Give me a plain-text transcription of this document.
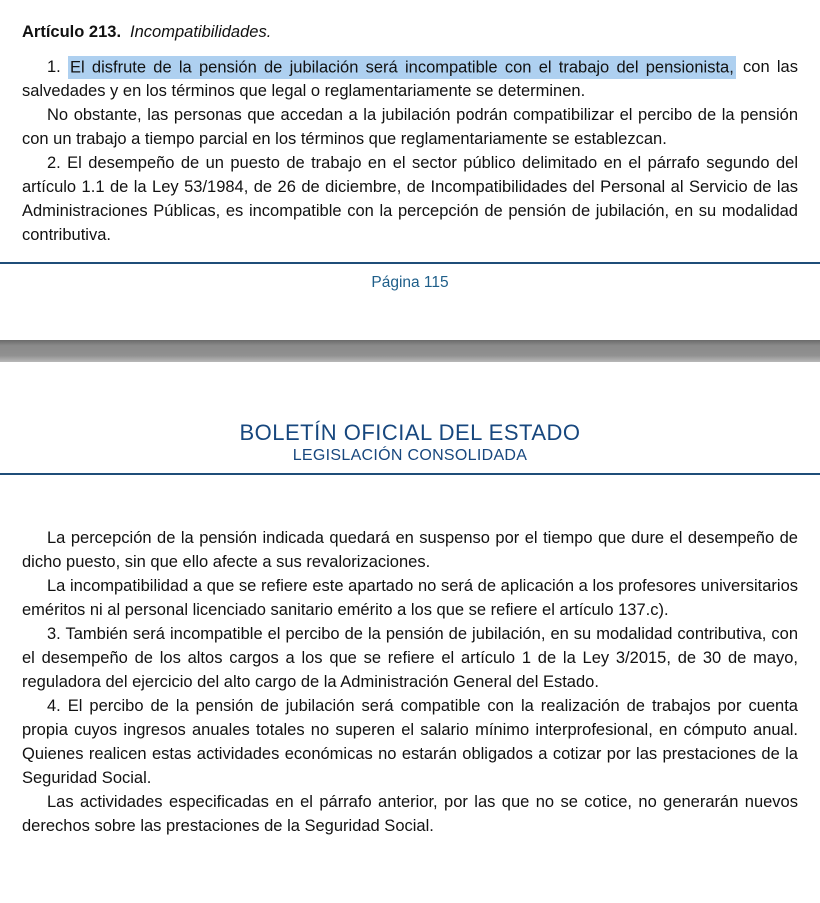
Artículo 213. Incompatibilidades.

1. El disfrute de la pensión de jubilación será incompatible con el trabajo del pensionista, con las salvedades y en los términos que legal o reglamentariamente se determinen.

No obstante, las personas que accedan a la jubilación podrán compatibilizar el percibo de la pensión con un trabajo a tiempo parcial en los términos que reglamentariamente se establezcan.

2. El desempeño de un puesto de trabajo en el sector público delimitado en el párrafo segundo del artículo 1.1 de la Ley 53/1984, de 26 de diciembre, de Incompatibilidades del Personal al Servicio de las Administraciones Públicas, es incompatible con la percepción de pensión de jubilación, en su modalidad contributiva.

Página 115
BOLETÍN OFICIAL DEL ESTADO
LEGISLACIÓN CONSOLIDADA

La percepción de la pensión indicada quedará en suspenso por el tiempo que dure el desempeño de dicho puesto, sin que ello afecte a sus revalorizaciones.

La incompatibilidad a que se refiere este apartado no será de aplicación a los profesores universitarios eméritos ni al personal licenciado sanitario emérito a los que se refiere el artículo 137.c).

3. También será incompatible el percibo de la pensión de jubilación, en su modalidad contributiva, con el desempeño de los altos cargos a los que se refiere el artículo 1 de la Ley 3/2015, de 30 de mayo, reguladora del ejercicio del alto cargo de la Administración General del Estado.

4. El percibo de la pensión de jubilación será compatible con la realización de trabajos por cuenta propia cuyos ingresos anuales totales no superen el salario mínimo interprofesional, en cómputo anual. Quienes realicen estas actividades económicas no estarán obligados a cotizar por las prestaciones de la Seguridad Social.

Las actividades especificadas en el párrafo anterior, por las que no se cotice, no generarán nuevos derechos sobre las prestaciones de la Seguridad Social.
